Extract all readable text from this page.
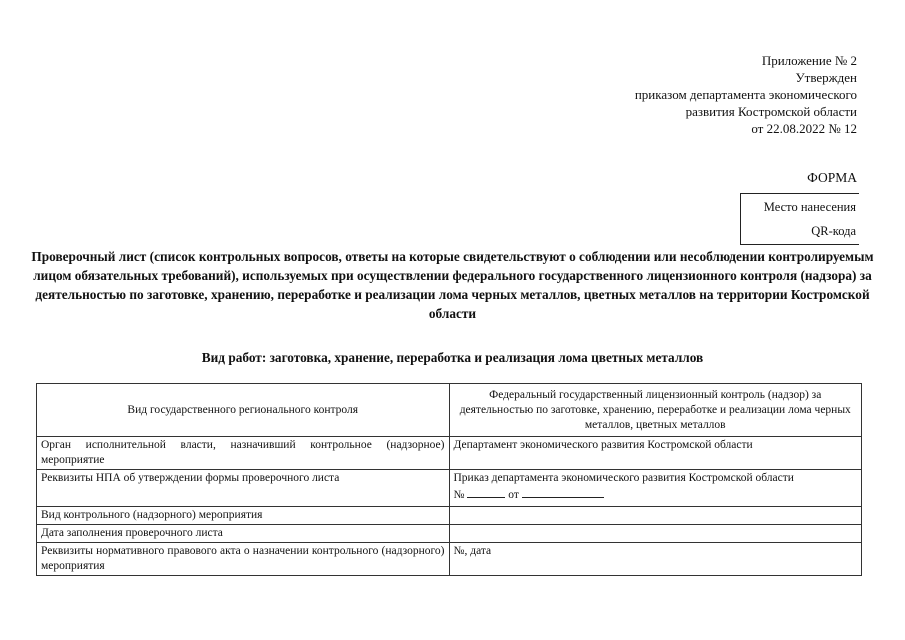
Приложение № 2
Утвержден
приказом департамента экономического
развития Костромской области
от 22.08.2022 № 12
ФОРМА
Место нанесения
QR-кода
Проверочный лист (список контрольных вопросов, ответы на которые свидетельствуют о соблюдении или несоблюдении контролируемым лицом обязательных требований), используемых при осуществлении федерального государственного лицензионного контроля (надзора) за деятельностью по заготовке, хранению, переработке и реализации лома черных металлов, цветных металлов на территории Костромской области
Вид работ: заготовка, хранение, переработка и реализация лома цветных металлов
Вид государственного регионального контроля	Федеральный государственный лицензионный контроль (надзор) за деятельностью по заготовке, хранению, переработке и реализации лома черных металлов, цветных металлов
Орган исполнительной власти, назначивший контрольное (надзорное) мероприятие	Департамент экономического развития Костромской области
Реквизиты НПА об утверждении формы проверочного листа	Приказ департамента экономического развития Костромской области
№ от

Вид контрольного (надзорного) мероприятия	
Дата заполнения проверочного листа	
Реквизиты нормативного правового акта о назначении контрольного (надзорного) мероприятия	№, дата
